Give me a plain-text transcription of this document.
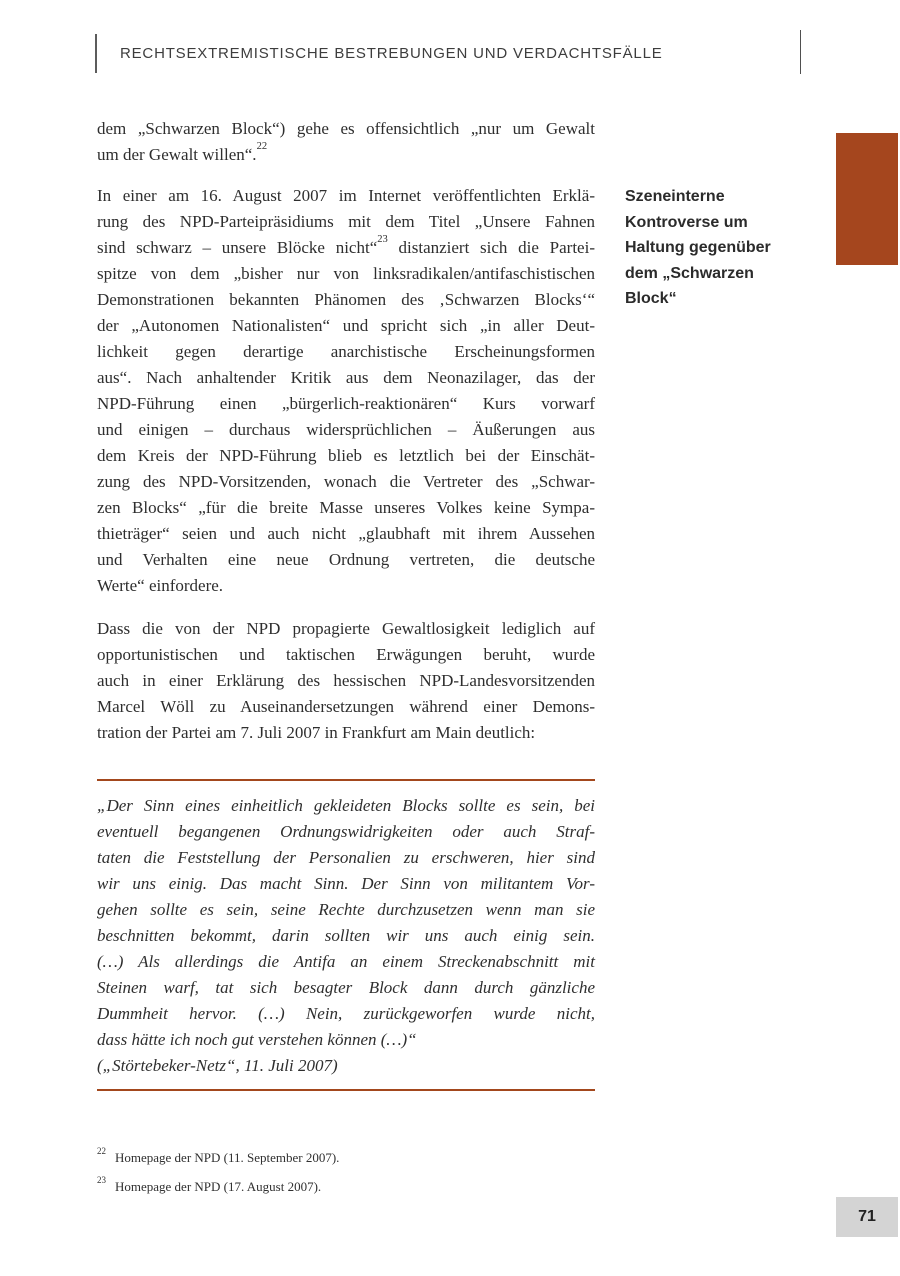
RECHTSEXTREMISTISCHE BESTREBUNGEN UND VERDACHTSFÄLLE
dem „Schwarzen Block“) gehe es offensichtlich „nur um Gewalt
um der Gewalt willen“.$^{22}$
In einer am 16. August 2007 im Internet veröffentlichten Erklä-
rung des NPD-Parteipräsidiums mit dem Titel „Unsere Fahnen
sind schwarz – unsere Blöcke nicht“$^{23}$ distanziert sich die Partei-
spitze von dem „bisher nur von linksradikalen/antifaschistischen
Demonstrationen bekannten Phänomen des ‚Schwarzen Blocks‘“
der „Autonomen Nationalisten“ und spricht sich „in aller Deut-
lichkeit gegen derartige anarchistische Erscheinungsformen
aus“. Nach anhaltender Kritik aus dem Neonazilager, das der
NPD-Führung einen „bürgerlich-reaktionären“ Kurs vorwarf
und einigen – durchaus widersprüchlichen – Äußerungen aus
dem Kreis der NPD-Führung blieb es letztlich bei der Einschät-
zung des NPD-Vorsitzenden, wonach die Vertreter des „Schwar-
zen Blocks“ „für die breite Masse unseres Volkes keine Sympa-
thieträger“ seien und auch nicht „glaubhaft mit ihrem Aussehen
und Verhalten eine neue Ordnung vertreten, die deutsche
Werte“ einfordere.
Szeneinterne
Kontroverse um
Haltung gegenüber
dem „Schwarzen
Block“
Dass die von der NPD propagierte Gewaltlosigkeit lediglich auf
opportunistischen und taktischen Erwägungen beruht, wurde
auch in einer Erklärung des hessischen NPD-Landesvorsitzenden
Marcel Wöll zu Auseinandersetzungen während einer Demons-
tration der Partei am 7. Juli 2007 in Frankfurt am Main deutlich:
„Der Sinn eines einheitlich gekleideten Blocks sollte es sein, bei
eventuell begangenen Ordnungswidrigkeiten oder auch Straf-
taten die Feststellung der Personalien zu erschweren, hier sind
wir uns einig. Das macht Sinn. Der Sinn von militantem Vor-
gehen sollte es sein, seine Rechte durchzusetzen wenn man sie
beschnitten bekommt, darin sollten wir uns auch einig sein.
(…) Als allerdings die Antifa an einem Streckenabschnitt mit
Steinen warf, tat sich besagter Block dann durch gänzliche
Dummheit hervor. (…) Nein, zurückgeworfen wurde nicht,
dass hätte ich noch gut verstehen können (…)“
(„Störtebeker-Netz“, 11. Juli 2007)
$^{22}$ Homepage der NPD (11. September 2007).
$^{23}$ Homepage der NPD (17. August 2007).
71
